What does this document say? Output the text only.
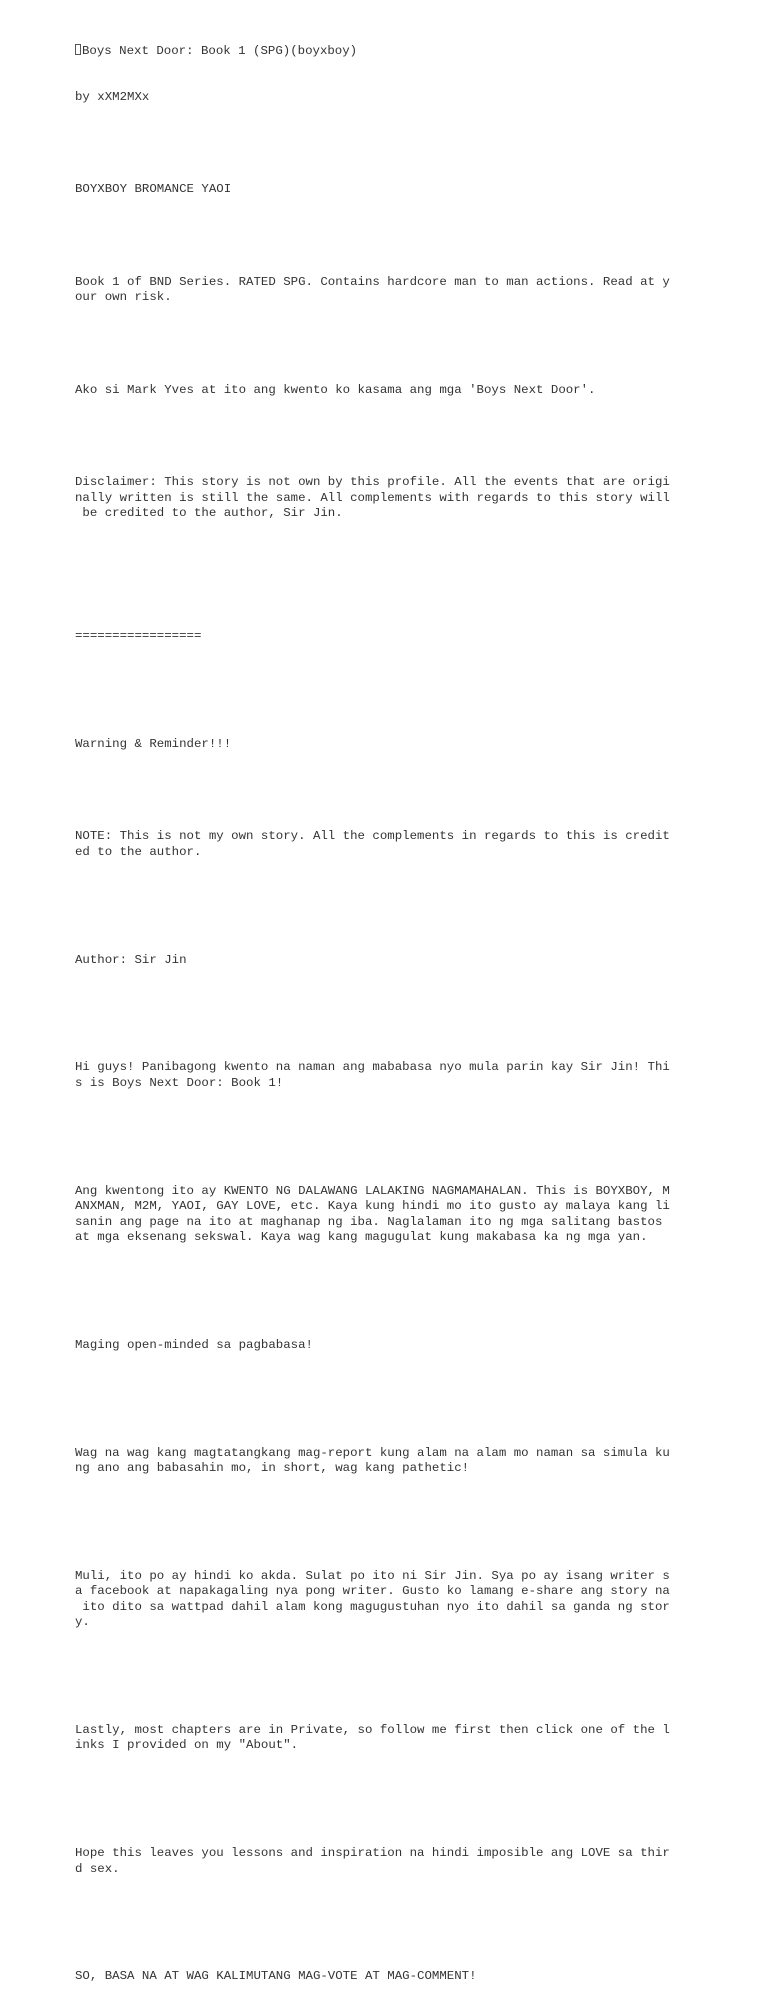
Boys Next Door: Book 1 (SPG)(boyxboy)

by xXM2MXx

BOYXBOY BROMANCE YAOI

Book 1 of BND Series. RATED SPG. Contains hardcore man to man actions. Read at y
our own risk.

Ako si Mark Yves at ito ang kwento ko kasama ang mga 'Boys Next Door'.

Disclaimer: This story is not own by this profile. All the events that are origi
nally written is still the same. All complements with regards to this story will
be credited to the author, Sir Jin.

=================

Warning & Reminder!!!

NOTE: This is not my own story. All the complements in regards to this is credit
ed to the author.

Author: Sir Jin

Hi guys! Panibagong kwento na naman ang mababasa nyo mula parin kay Sir Jin! Thi
s is Boys Next Door: Book 1!

Ang kwentong ito ay KWENTO NG DALAWANG LALAKING NAGMAMAHALAN. This is BOYXBOY, M
ANXMAN, M2M, YAOI, GAY LOVE, etc. Kaya kung hindi mo ito gusto ay malaya kang li
sanin ang page na ito at maghanap ng iba. Naglalaman ito ng mga salitang bastos
at mga eksenang sekswal. Kaya wag kang magugulat kung makabasa ka ng mga yan.

Maging open-minded sa pagbabasa!

Wag na wag kang magtatangkang mag-report kung alam na alam mo naman sa simula ku
ng ano ang babasahin mo, in short, wag kang pathetic!

Muli, ito po ay hindi ko akda. Sulat po ito ni Sir Jin. Sya po ay isang writer s
a facebook at napakagaling nya pong writer. Gusto ko lamang e-share ang story na
ito dito sa wattpad dahil alam kong magugustuhan nyo ito dahil sa ganda ng stor
y.

Lastly, most chapters are in Private, so follow me first then click one of the l
inks I provided on my "About".

Hope this leaves you lessons and inspiration na hindi imposible ang LOVE sa thir
d sex.

SO, BASA NA AT WAG KALIMUTANG MAG-VOTE AT MAG-COMMENT!
